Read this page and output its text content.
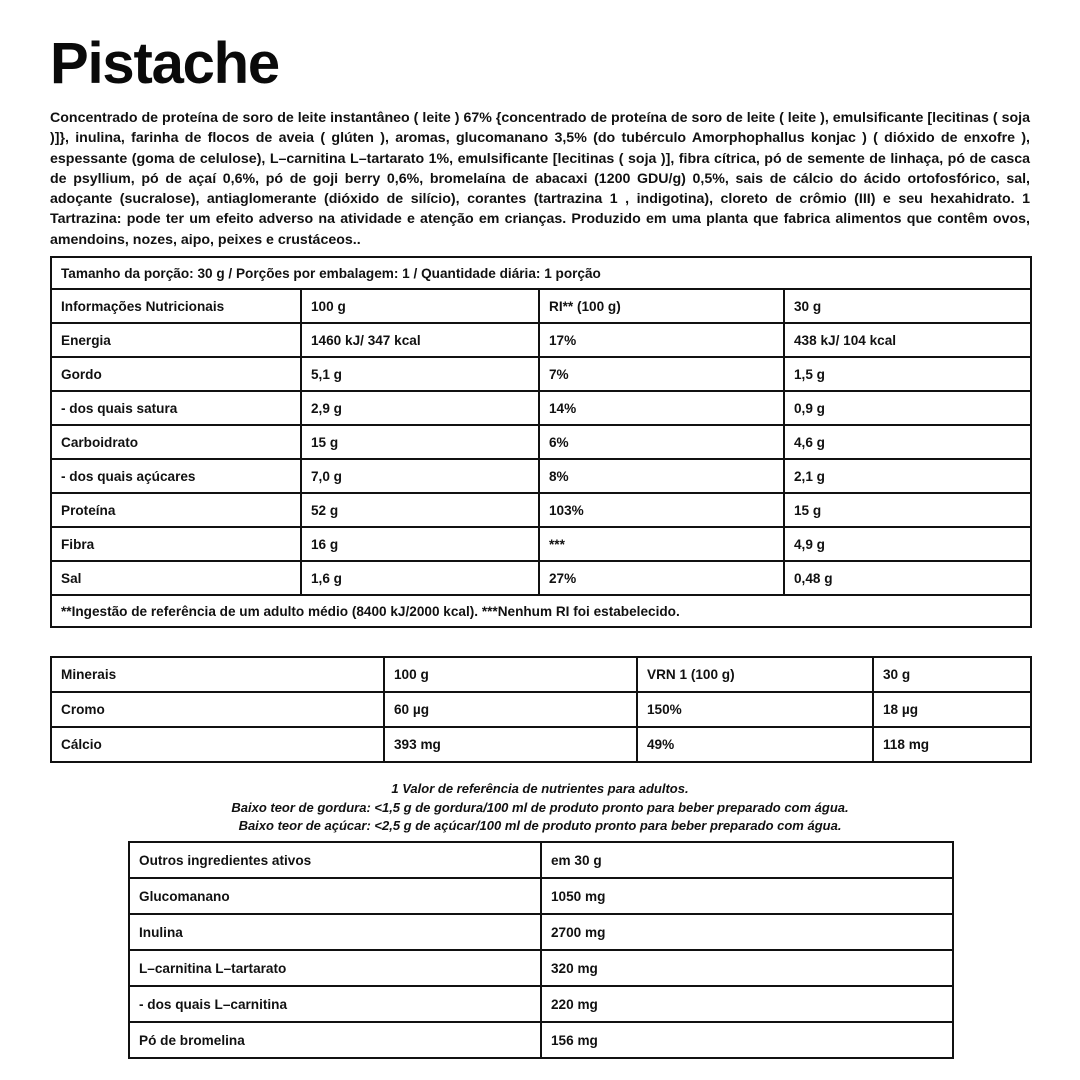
Pistache
Concentrado de proteína de soro de leite instantâneo ( leite ) 67% {concentrado de proteína de soro de leite ( leite ), emulsificante [lecitinas ( soja )]}, inulina, farinha de flocos de aveia ( glúten ), aromas, glucomanano 3,5% (do tubérculo Amorphophallus konjac ) ( dióxido de enxofre ), espessante (goma de celulose), L–carnitina L–tartarato 1%, emulsificante [lecitinas ( soja )], fibra cítrica, pó de semente de linhaça, pó de casca de psyllium, pó de açaí 0,6%, pó de goji berry 0,6%, bromelaína de abacaxi (1200 GDU/g) 0,5%, sais de cálcio do ácido ortofosfórico, sal, adoçante (sucralose), antiaglomerante (dióxido de silício), corantes (tartrazina 1 , indigotina), cloreto de crômio (III) e seu hexahidrato. 1 Tartrazina: pode ter um efeito adverso na atividade e atenção em crianças. Produzido em uma planta que fabrica alimentos que contêm ovos, amendoins, nozes, aipo, peixes e crustáceos..
Tamanho da porção: 30 g / Porções por embalagem: 1 / Quantidade diária: 1 porção			
Informações Nutricionais	100 g	RI** (100 g)	30 g
Energia	1460 kJ/ 347 kcal	17%	438 kJ/ 104 kcal
Gordo	5,1 g	7%	1,5 g
- dos quais satura	2,9 g	14%	0,9 g
Carboidrato	15 g	6%	4,6 g
- dos quais açúcares	7,0 g	8%	2,1 g
Proteína	52 g	103%	15 g
Fibra	16 g	***	4,9 g
Sal	1,6 g	27%	0,48 g
**Ingestão de referência de um adulto médio (8400 kJ/2000 kcal). ***Nenhum RI foi estabelecido.			
Minerais	100 g	VRN 1 (100 g)	30 g
Cromo	60 µg	150%	18 µg
Cálcio	393 mg	49%	118 mg
1 Valor de referência de nutrientes para adultos.
Baixo teor de gordura: <1,5 g de gordura/100 ml de produto pronto para beber preparado com água.
Baixo teor de açúcar: <2,5 g de açúcar/100 ml de produto pronto para beber preparado com água.
Outros ingredientes ativos	em 30 g
Glucomanano	1050 mg
Inulina	2700 mg
L–carnitina L–tartarato	320 mg
- dos quais L–carnitina	220 mg
Pó de bromelina	156 mg
